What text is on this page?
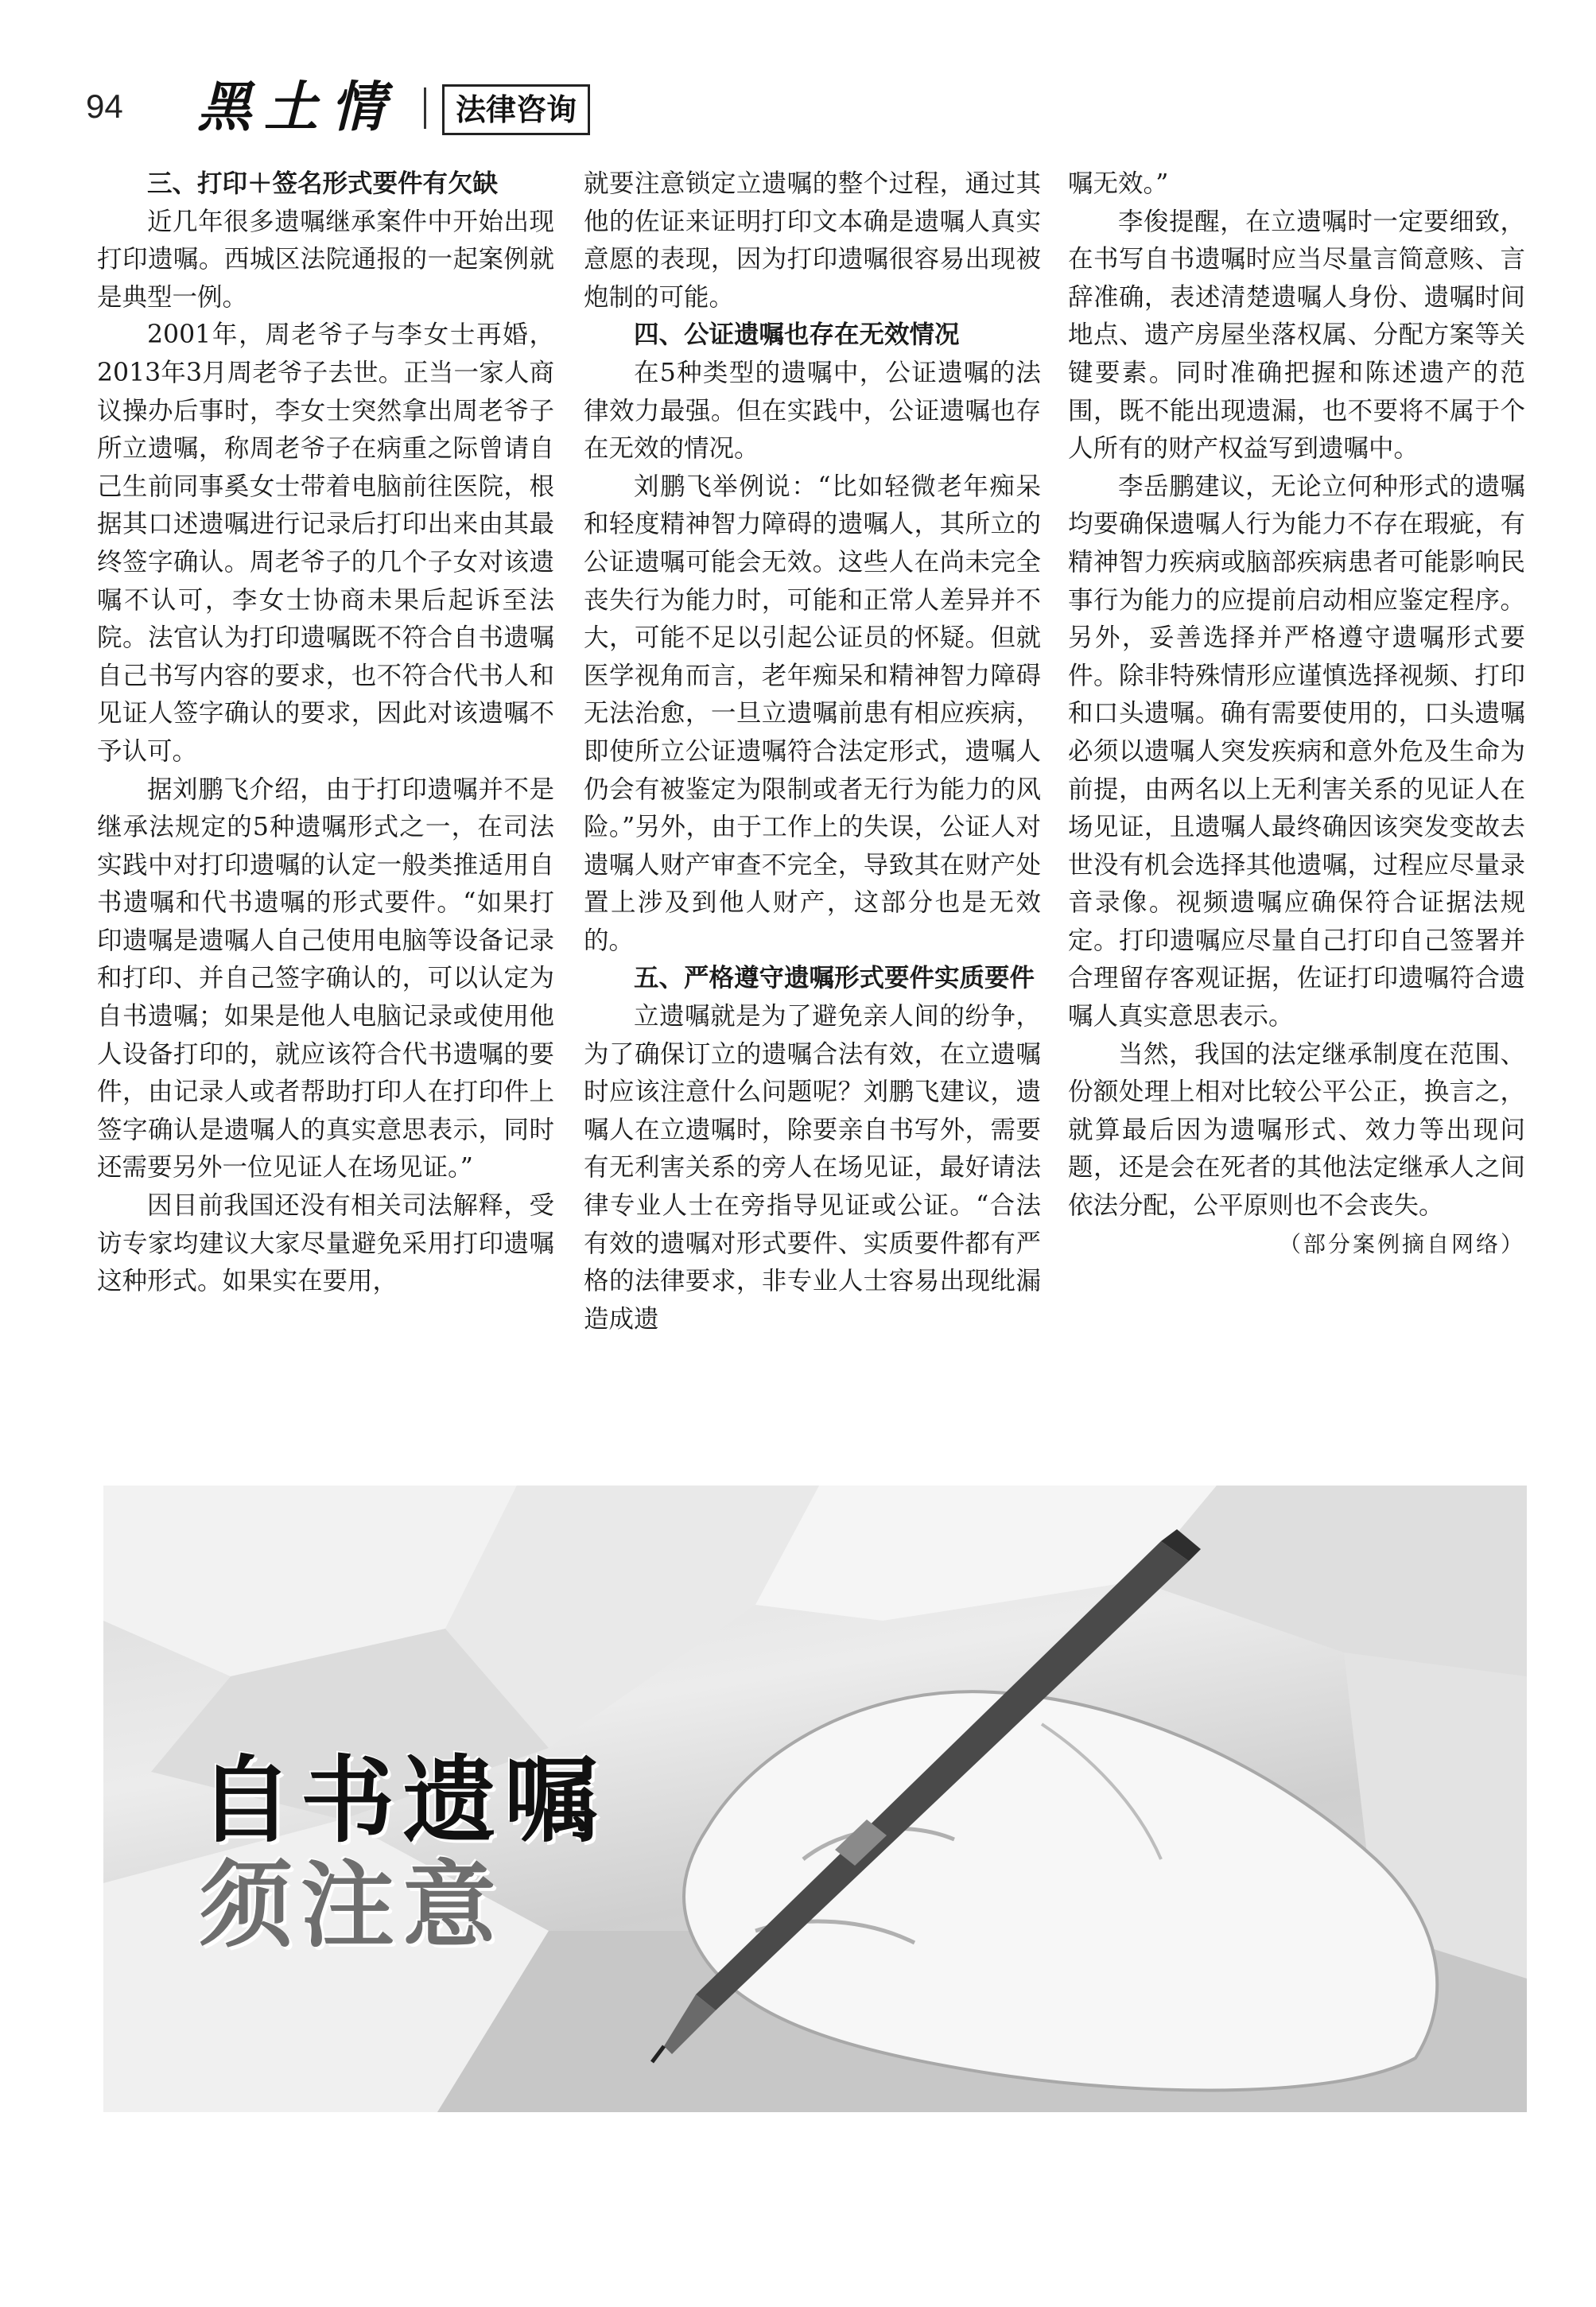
94 黑土情	法律咨询
三、打印＋签名形式要件有欠缺

近几年很多遗嘱继承案件中开始出现打印遗嘱。西城区法院通报的一起案例就是典型一例。

2001年，周老爷子与李女士再婚，2013年3月周老爷子去世。正当一家人商议操办后事时，李女士突然拿出周老爷子所立遗嘱，称周老爷子在病重之际曾请自己生前同事奚女士带着电脑前往医院，根据其口述遗嘱进行记录后打印出来由其最终签字确认。周老爷子的几个子女对该遗嘱不认可，李女士协商未果后起诉至法院。法官认为打印遗嘱既不符合自书遗嘱自己书写内容的要求，也不符合代书人和见证人签字确认的要求，因此对该遗嘱不予认可。

据刘鹏飞介绍，由于打印遗嘱并不是继承法规定的5种遗嘱形式之一，在司法实践中对打印遗嘱的认定一般类推适用自书遗嘱和代书遗嘱的形式要件。“如果打印遗嘱是遗嘱人自己使用电脑等设备记录和打印、并自己签字确认的，可以认定为自书遗嘱；如果是他人电脑记录或使用他人设备打印的，就应该符合代书遗嘱的要件，由记录人或者帮助打印人在打印件上签字确认是遗嘱人的真实意思表示，同时还需要另外一位见证人在场见证。”

因目前我国还没有相关司法解释，受访专家均建议大家尽量避免采用打印遗嘱这种形式。如果实在要用，

就要注意锁定立遗嘱的整个过程，通过其他的佐证来证明打印文本确是遗嘱人真实意愿的表现，因为打印遗嘱很容易出现被炮制的可能。

四、公证遗嘱也存在无效情况

在5种类型的遗嘱中，公证遗嘱的法律效力最强。但在实践中，公证遗嘱也存在无效的情况。

刘鹏飞举例说：“比如轻微老年痴呆和轻度精神智力障碍的遗嘱人，其所立的公证遗嘱可能会无效。这些人在尚未完全丧失行为能力时，可能和正常人差异并不大，可能不足以引起公证员的怀疑。但就医学视角而言，老年痴呆和精神智力障碍无法治愈，一旦立遗嘱前患有相应疾病，即使所立公证遗嘱符合法定形式，遗嘱人仍会有被鉴定为限制或者无行为能力的风险。”另外，由于工作上的失误，公证人对遗嘱人财产审查不完全，导致其在财产处置上涉及到他人财产，这部分也是无效的。

五、严格遵守遗嘱形式要件实质要件

立遗嘱就是为了避免亲人间的纷争，为了确保订立的遗嘱合法有效，在立遗嘱时应该注意什么问题呢？刘鹏飞建议，遗嘱人在立遗嘱时，除要亲自书写外，需要有无利害关系的旁人在场见证，最好请法律专业人士在旁指导见证或公证。“合法有效的遗嘱对形式要件、实质要件都有严格的法律要求，非专业人士容易出现纰漏造成遗

嘱无效。”

李俊提醒，在立遗嘱时一定要细致，在书写自书遗嘱时应当尽量言简意赅、言辞准确，表述清楚遗嘱人身份、遗嘱时间地点、遗产房屋坐落权属、分配方案等关键要素。同时准确把握和陈述遗产的范围，既不能出现遗漏，也不要将不属于个人所有的财产权益写到遗嘱中。

李岳鹏建议，无论立何种形式的遗嘱均要确保遗嘱人行为能力不存在瑕疵，有精神智力疾病或脑部疾病患者可能影响民事行为能力的应提前启动相应鉴定程序。另外，妥善选择并严格遵守遗嘱形式要件。除非特殊情形应谨慎选择视频、打印和口头遗嘱。确有需要使用的，口头遗嘱必须以遗嘱人突发疾病和意外危及生命为前提，由两名以上无利害关系的见证人在场见证，且遗嘱人最终确因该突发变故去世没有机会选择其他遗嘱，过程应尽量录音录像。视频遗嘱应确保符合证据法规定。打印遗嘱应尽量自己打印自己签署并合理留存客观证据，佐证打印遗嘱符合遗嘱人真实意思表示。

当然，我国的法定继承制度在范围、份额处理上相对比较公平公正，换言之，就算最后因为遗嘱形式、效力等出现问题，还是会在死者的其他法定继承人之间依法分配，公平原则也不会丧失。

（部分案例摘自网络）

自书遗嘱
须注意
